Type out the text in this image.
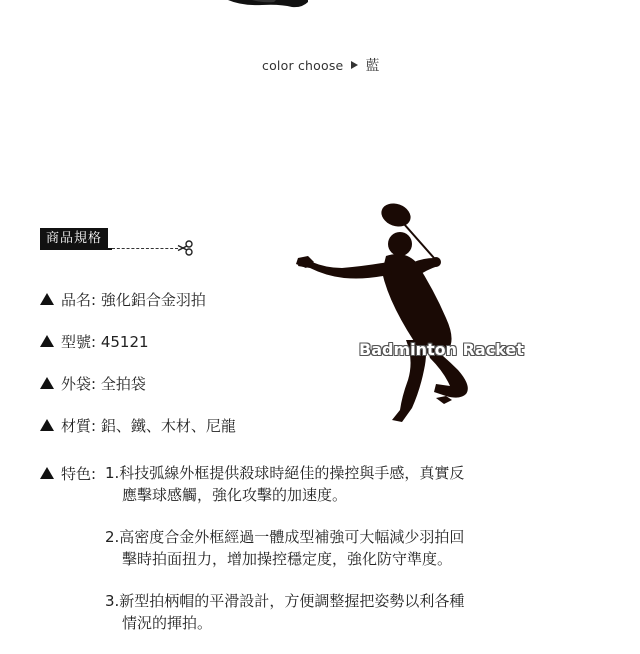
color choose 藍
商品規格
品名: 強化鋁合金羽拍
型號: 45121
外袋: 全拍袋
材質: 鋁、鐵、木材、尼龍
特色: 1.科技弧線外框提供殺球時絕佳的操控與手感，真實反
應擊球感觸，強化攻擊的加速度。

2.高密度合金外框經過一體成型補強可大幅減少羽拍回
擊時拍面扭力，增加操控穩定度，強化防守準度。

3.新型拍柄帽的平滑設計，方便調整握把姿勢以利各種
情況的揮拍。

Badminton Racket
